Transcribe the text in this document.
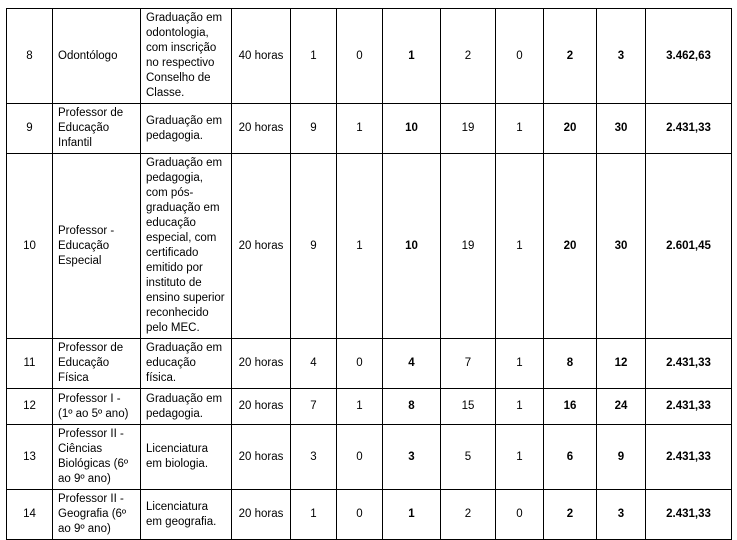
8	Odontólogo	Graduação em odontologia, com inscrição no respectivo Conselho de Classe.	40 horas	1	0	1	2	0	2	3	3.462,63
9	Professor de Educação Infantil	Graduação em pedagogia.	20 horas	9	1	10	19	1	20	30	2.431,33
10	Professor - Educação Especial	Graduação em pedagogia, com pós-graduação em educação especial, com certificado emitido por instituto de ensino superior reconhecido pelo MEC.	20 horas	9	1	10	19	1	20	30	2.601,45
11	Professor de Educação Física	Graduação em educação física.	20 horas	4	0	4	7	1	8	12	2.431,33
12	Professor I - (1º ao 5º ano)	Graduação em pedagogia.	20 horas	7	1	8	15	1	16	24	2.431,33
13	Professor II - Ciências Biológicas (6º ao 9º ano)	Licenciatura em biologia.	20 horas	3	0	3	5	1	6	9	2.431,33
14	Professor II - Geografia (6º ao 9º ano)	Licenciatura em geografia.	20 horas	1	0	1	2	0	2	3	2.431,33
